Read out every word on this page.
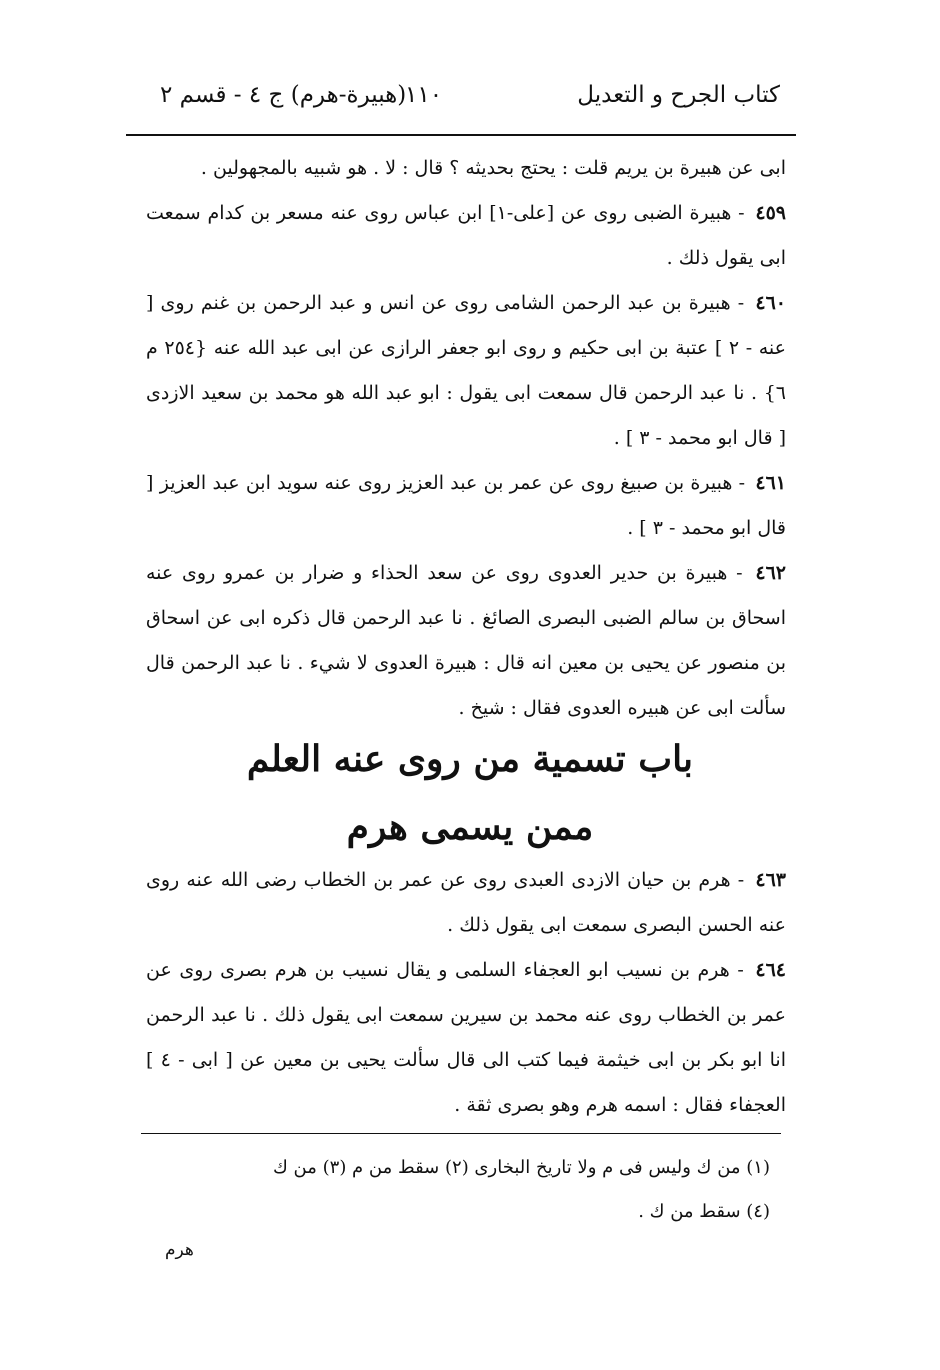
كتاب الجرح و التعديل
١١٠
(هبيرة-هرم) ج ٤ - قسم ٢
ابى عن هبيرة بن يريم قلت : يحتج بحديثه ؟ قال : لا . هو شبيه بالمجهولين .
٤٥٩ - هبيرة الضبى روى عن [على-١] ابن عباس روى عنه مسعر بن كدام سمعت ابى يقول ذلك .
٤٦٠ - هبيرة بن عبد الرحمن الشامى روى عن انس و عبد الرحمن بن غنم روى [ عنه - ٢ ] عتبة بن ابى حكيم و روى ابو جعفر الرازى عن ابى عبد الله عنه {٢٥٤ م ٦} . نا عبد الرحمن قال سمعت ابى يقول : ابو عبد الله هو محمد بن سعيد الازدى [ قال ابو محمد - ٣ ] .
٤٦١ - هبيرة بن صبيغ روى عن عمر بن عبد العزيز روى عنه سويد ابن عبد العزيز [ قال ابو محمد - ٣ ] .
٤٦٢ - هبيرة بن حدير العدوى روى عن سعد الحذاء و ضرار بن عمرو روى عنه اسحاق بن سالم الضبى البصرى الصائغ . نا عبد الرحمن قال ذكره ابى عن اسحاق بن منصور عن يحيى بن معين انه قال : هبيرة العدوى لا شيء . نا عبد الرحمن قال سألت ابى عن هبيره العدوى فقال : شيخ .
باب تسمية من روى عنه العلم
ممن يسمى هرم
٤٦٣ - هرم بن حيان الازدى العبدى روى عن عمر بن الخطاب رضى الله عنه روى عنه الحسن البصرى سمعت ابى يقول ذلك .
٤٦٤ - هرم بن نسيب ابو العجفاء السلمى و يقال نسيب بن هرم بصرى روى عن عمر بن الخطاب روى عنه محمد بن سيرين سمعت ابى يقول ذلك . نا عبد الرحمن انا ابو بكر بن ابى خيثمة فيما كتب الى قال سألت يحيى بن معين عن [ ابى - ٤ ] العجفاء فقال : اسمه هرم وهو بصرى ثقة .
(١) من ك وليس فى م ولا تاريخ البخارى (٢) سقط من م (٣) من ك
(٤) سقط من ك .
هرم
